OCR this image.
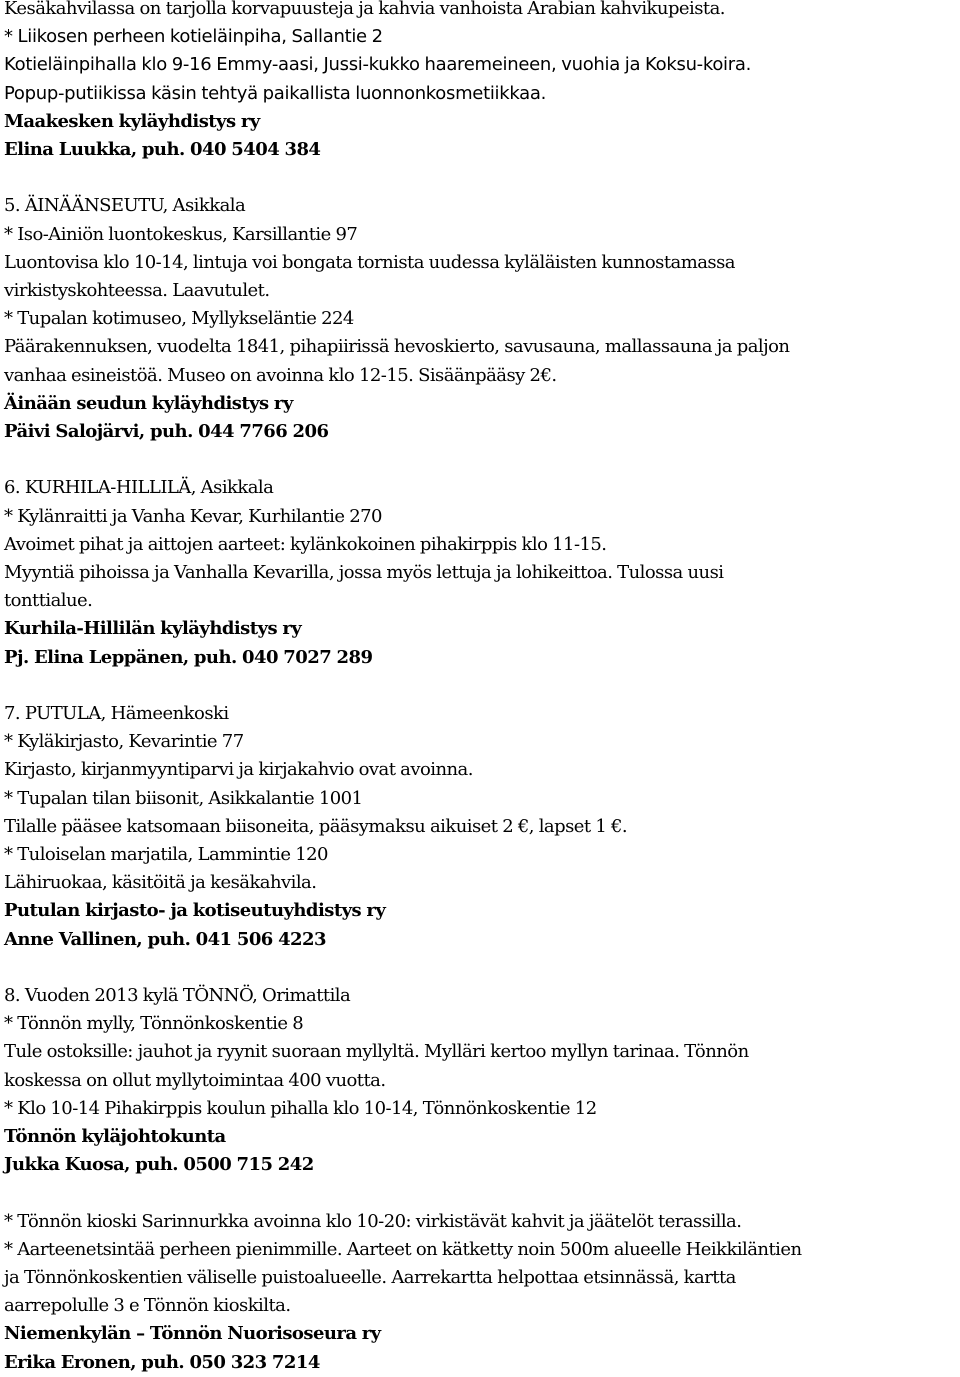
Kesäkahvilassa on tarjolla korvapuusteja ja kahvia vanhoista Arabian kahvikupeista.
* Liikosen perheen kotieläinpiha, Sallantie 2
Kotieläinpihalla klo 9-16 Emmy-aasi, Jussi-kukko haaremeineen, vuohia ja Koksu-koira.
Popup-putiikissa käsin tehtyä paikallista luonnonkosmetiikkaa.
Maakesken kyläyhdistys ry
Elina Luukka, puh. 040 5404 384
5. ÄINÄÄNSEUTU, Asikkala
* Iso-Ainiön luontokeskus, Karsillantie 97
Luontovisa klo 10-14, lintuja voi bongata tornista uudessa kyläläisten kunnostamassa
virkistyskohteessa. Laavutulet.
* Tupalan kotimuseo, Myllykseläntie 224
Päärakennuksen, vuodelta 1841, pihapiirissä hevoskierto, savusauna, mallassauna ja paljon
vanhaa esineistöä. Museo on avoinna klo 12-15. Sisäänpääsy 2€.
Äinään seudun kyläyhdistys ry
Päivi Salojärvi, puh. 044 7766 206
6. KURHILA-HILLILÄ, Asikkala
* Kylänraitti ja Vanha Kevar, Kurhilantie 270
Avoimet pihat ja aittojen aarteet: kylänkokoinen pihakirppis klo 11-15.
Myyntiä pihoissa ja Vanhalla Kevarilla, jossa myös lettuja ja lohikeittoa. Tulossa uusi
tonttialue.
Kurhila-Hillilän kyläyhdistys ry
Pj. Elina Leppänen, puh. 040 7027 289
7. PUTULA, Hämeenkoski
* Kyläkirjasto, Kevarintie 77
Kirjasto, kirjanmyyntiparvi ja kirjakahvio ovat avoinna.
* Tupalan tilan biisonit, Asikkalantie 1001
Tilalle pääsee katsomaan biisoneita, pääsymaksu aikuiset 2 €, lapset 1 €.
* Tuloiselan marjatila, Lammintie 120
Lähiruokaa, käsitöitä ja kesäkahvila.
Putulan kirjasto- ja kotiseutuyhdistys ry
Anne Vallinen, puh. 041 506 4223
8. Vuoden 2013 kylä TÖNNÖ, Orimattila
* Tönnön mylly, Tönnönkoskentie 8
Tule ostoksille: jauhot ja ryynit suoraan myllyltä. Mylläri kertoo myllyn tarinaa. Tönnön
koskessa on ollut myllytoimintaa 400 vuotta.
* Klo 10-14 Pihakirppis koulun pihalla klo 10-14, Tönnönkoskentie 12
Tönnön kyläjohtokunta
Jukka Kuosa, puh. 0500 715 242
* Tönnön kioski Sarinnurkka avoinna klo 10-20: virkistävät kahvit ja jäätelöt terassilla.
* Aarteenetsintää perheen pienimmille. Aarteet on kätketty noin 500m alueelle Heikkiläntien
ja Tönnönkoskentien väliselle puistoalueelle. Aarrekartta helpottaa etsinnässä, kartta
aarrepolulle 3 e Tönnön kioskilta.
Niemenkylän – Tönnön Nuorisoseura ry
Erika Eronen, puh. 050 323 7214
